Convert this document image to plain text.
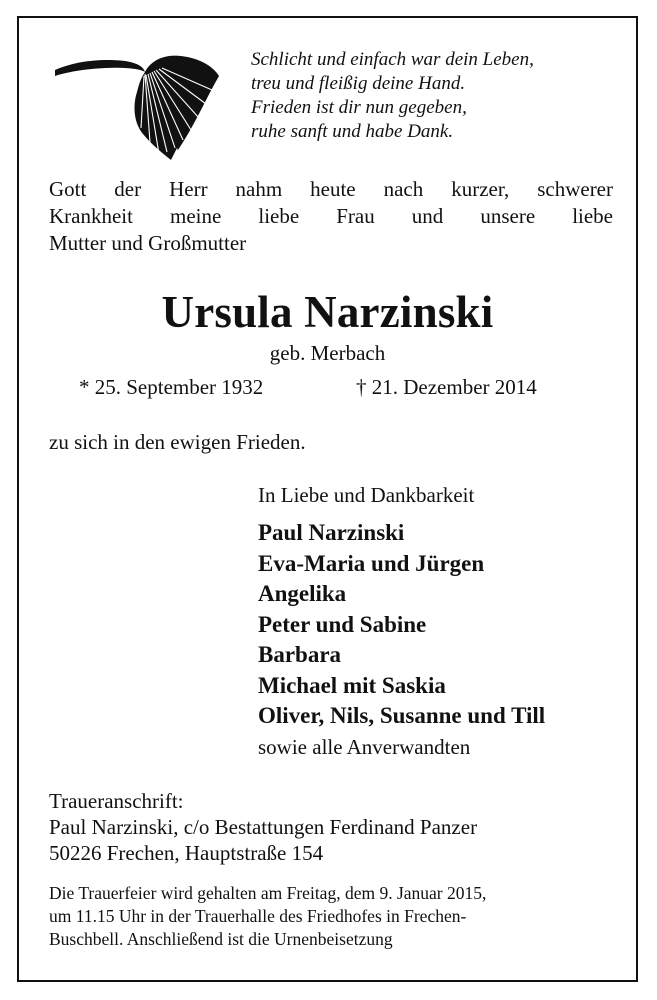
Schlicht und einfach war dein Leben,
treu und fleißig deine Hand.
Frieden ist dir nun gegeben,
ruhe sanft und habe Dank.
Gott der Herr nahm heute nach kurzer, schwerer
Krankheit meine liebe Frau und unsere liebe
Mutter und Großmutter
Ursula Narzinski
geb. Merbach
* 25. September 1932	† 21. Dezember 2014
zu sich in den ewigen Frieden.
In Liebe und Dankbarkeit
Paul Narzinski
Eva-Maria und Jürgen
Angelika
Peter und Sabine
Barbara
Michael mit Saskia
Oliver, Nils, Susanne und Till
sowie alle Anverwandten
Traueranschrift:
Paul Narzinski, c/o Bestattungen Ferdinand Panzer
50226 Frechen, Hauptstraße 154
Die Trauerfeier wird gehalten am Freitag, dem 9. Januar 2015,
um 11.15 Uhr in der Trauerhalle des Friedhofes in Frechen-
Buschbell. Anschließend ist die Urnenbeisetzung
